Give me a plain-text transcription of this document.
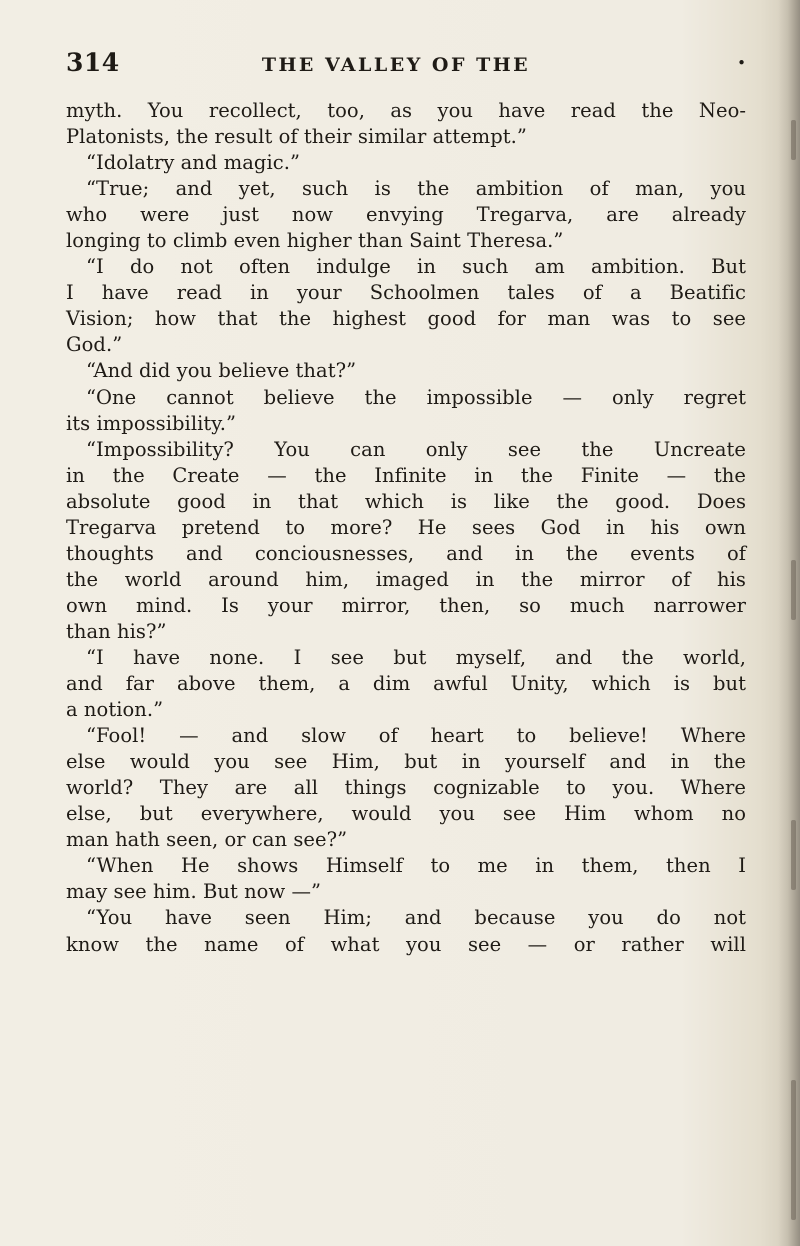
314	THE VALLEY OF THE	•
myth. You recollect, too, as you have read the Neo-
Platonists, the result of their similar attempt.”
“Idolatry and magic.”
“True; and yet, such is the ambition of man, you
who were just now envying Tregarva, are already
longing to climb even higher than Saint Theresa.”
“I do not often indulge in such am ambition. But
I have read in your Schoolmen tales of a Beatific
Vision; how that the highest good for man was to see
God.”
“And did you believe that?”
“One cannot believe the impossible — only regret
its impossibility.”
“Impossibility? You can only see the Uncreate
in the Create — the Infinite in the Finite — the
absolute good in that which is like the good. Does
Tregarva pretend to more? He sees God in his own
thoughts and conciousnesses, and in the events of
the world around him, imaged in the mirror of his
own mind. Is your mirror, then, so much narrower
than his?”
“I have none. I see but myself, and the world,
and far above them, a dim awful Unity, which is but
a notion.”
“Fool! — and slow of heart to believe! Where
else would you see Him, but in yourself and in the
world? They are all things cognizable to you. Where
else, but everywhere, would you see Him whom no
man hath seen, or can see?”
“When He shows Himself to me in them, then I
may see him. But now —”
“You have seen Him; and because you do not
know the name of what you see — or rather will
